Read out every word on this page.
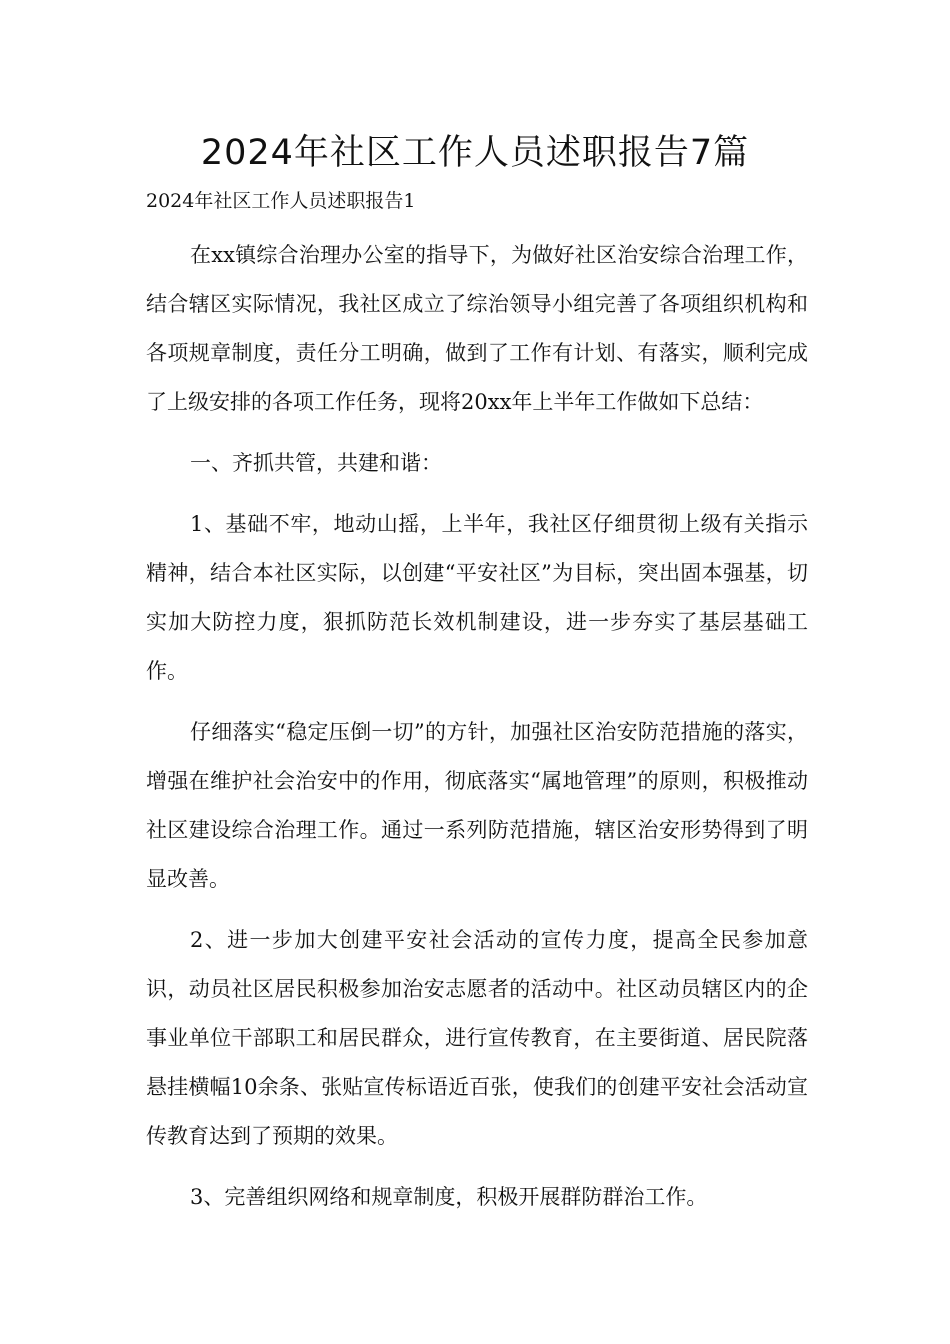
2024年社区工作人员述职报告7篇

2024年社区工作人员述职报告1

在xx镇综合治理办公室的指导下，为做好社区治安综合治理工作，结合辖区实际情况，我社区成立了综治领导小组完善了各项组织机构和各项规章制度，责任分工明确，做到了工作有计划、有落实，顺利完成了上级安排的各项工作任务，现将20xx年上半年工作做如下总结：

一、齐抓共管，共建和谐：

1、基础不牢，地动山摇，上半年，我社区仔细贯彻上级有关指示精神，结合本社区实际，以创建“平安社区”为目标，突出固本强基，切实加大防控力度，狠抓防范长效机制建设，进一步夯实了基层基础工作。

仔细落实“稳定压倒一切”的方针，加强社区治安防范措施的落实，增强在维护社会治安中的作用，彻底落实“属地管理”的原则，积极推动社区建设综合治理工作。通过一系列防范措施，辖区治安形势得到了明显改善。

2、进一步加大创建平安社会活动的宣传力度，提高全民参加意识，动员社区居民积极参加治安志愿者的活动中。社区动员辖区内的企事业单位干部职工和居民群众，进行宣传教育，在主要街道、居民院落悬挂横幅10余条、张贴宣传标语近百张，使我们的创建平安社会活动宣传教育达到了预期的效果。

3、完善组织网络和规章制度，积极开展群防群治工作。
